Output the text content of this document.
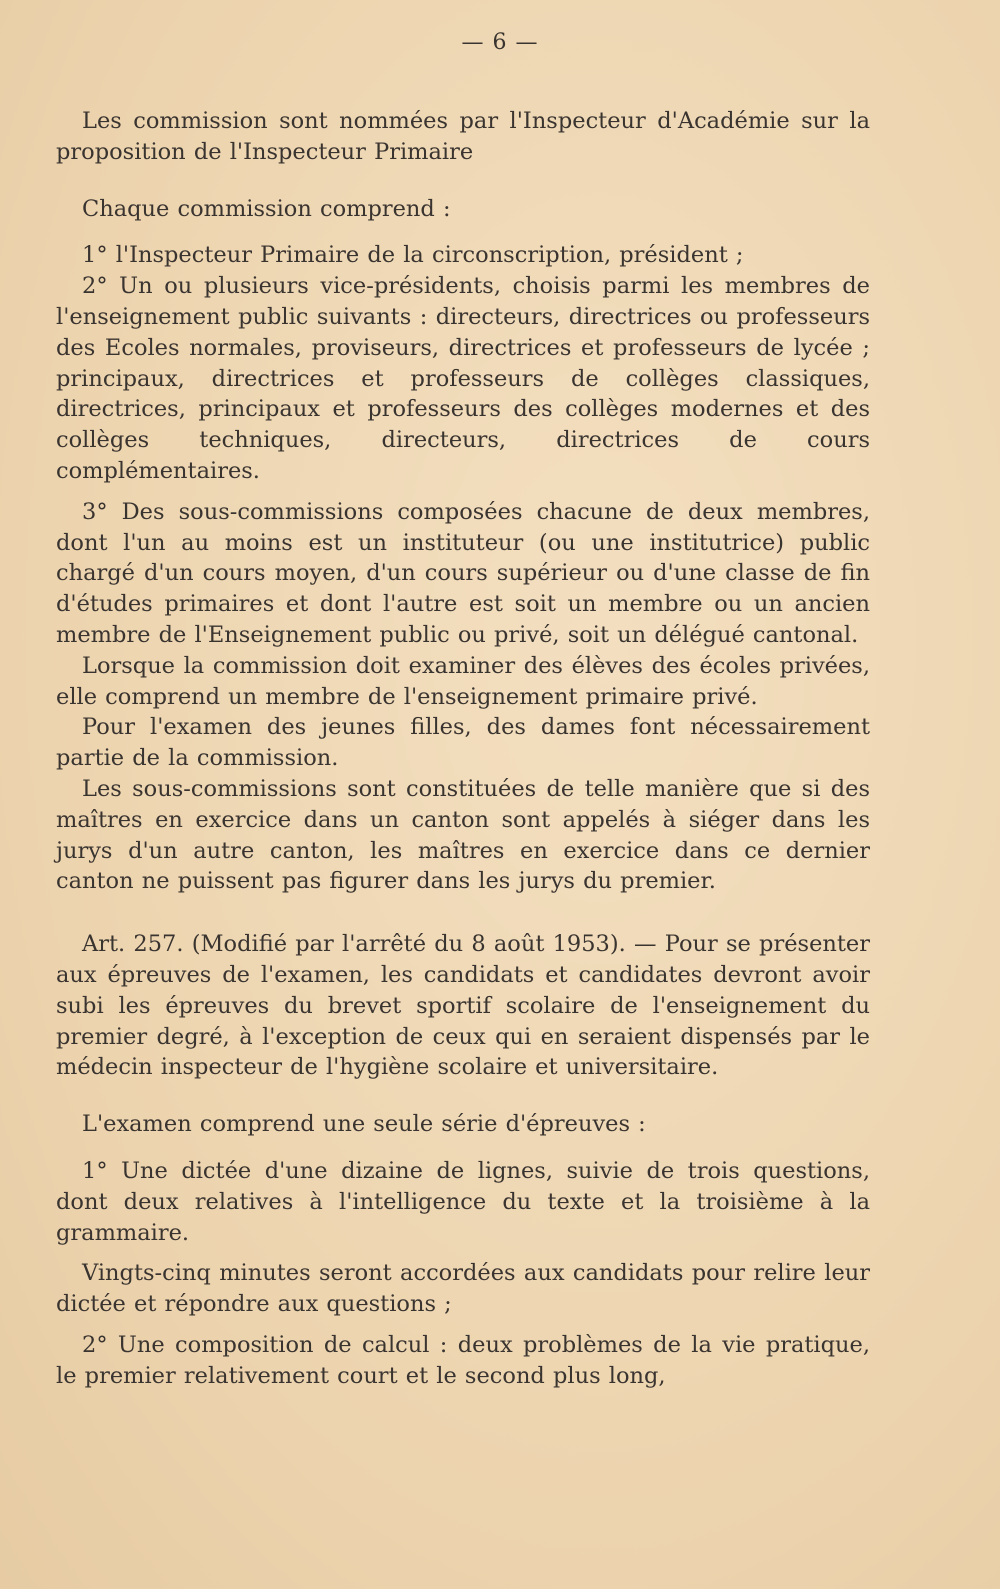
— 6 —

Les commission sont nommées par l'Inspecteur d'Académie sur la proposition de l'Inspecteur Primaire

Chaque commission comprend :

1° l'Inspecteur Primaire de la circonscription, président ;

2° Un ou plusieurs vice-présidents, choisis parmi les membres de l'enseignement public suivants : directeurs, directrices ou professeurs des Ecoles normales, proviseurs, directrices et professeurs de lycée ; principaux, directrices et professeurs de collèges classiques, directrices, principaux et professeurs des collèges modernes et des collèges techniques, directeurs, directrices de cours complémentaires.

3° Des sous-commissions composées chacune de deux membres, dont l'un au moins est un instituteur (ou une institutrice) public chargé d'un cours moyen, d'un cours supérieur ou d'une classe de fin d'études primaires et dont l'autre est soit un membre ou un ancien membre de l'Enseignement public ou privé, soit un délégué cantonal.

Lorsque la commission doit examiner des élèves des écoles privées, elle comprend un membre de l'enseignement primaire privé.

Pour l'examen des jeunes filles, des dames font nécessairement partie de la commission.

Les sous-commissions sont constituées de telle manière que si des maîtres en exercice dans un canton sont appelés à siéger dans les jurys d'un autre canton, les maîtres en exercice dans ce dernier canton ne puissent pas figurer dans les jurys du premier.

Art. 257. (Modifié par l'arrêté du 8 août 1953). — Pour se présenter aux épreuves de l'examen, les candidats et candidates devront avoir subi les épreuves du brevet sportif scolaire de l'enseignement du premier degré, à l'exception de ceux qui en seraient dispensés par le médecin inspecteur de l'hygiène scolaire et universitaire.

L'examen comprend une seule série d'épreuves :

1° Une dictée d'une dizaine de lignes, suivie de trois questions, dont deux relatives à l'intelligence du texte et la troisième à la grammaire.

Vingts-cinq minutes seront accordées aux candidats pour relire leur dictée et répondre aux questions ;

2° Une composition de calcul : deux problèmes de la vie pratique, le premier relativement court et le second plus long,
